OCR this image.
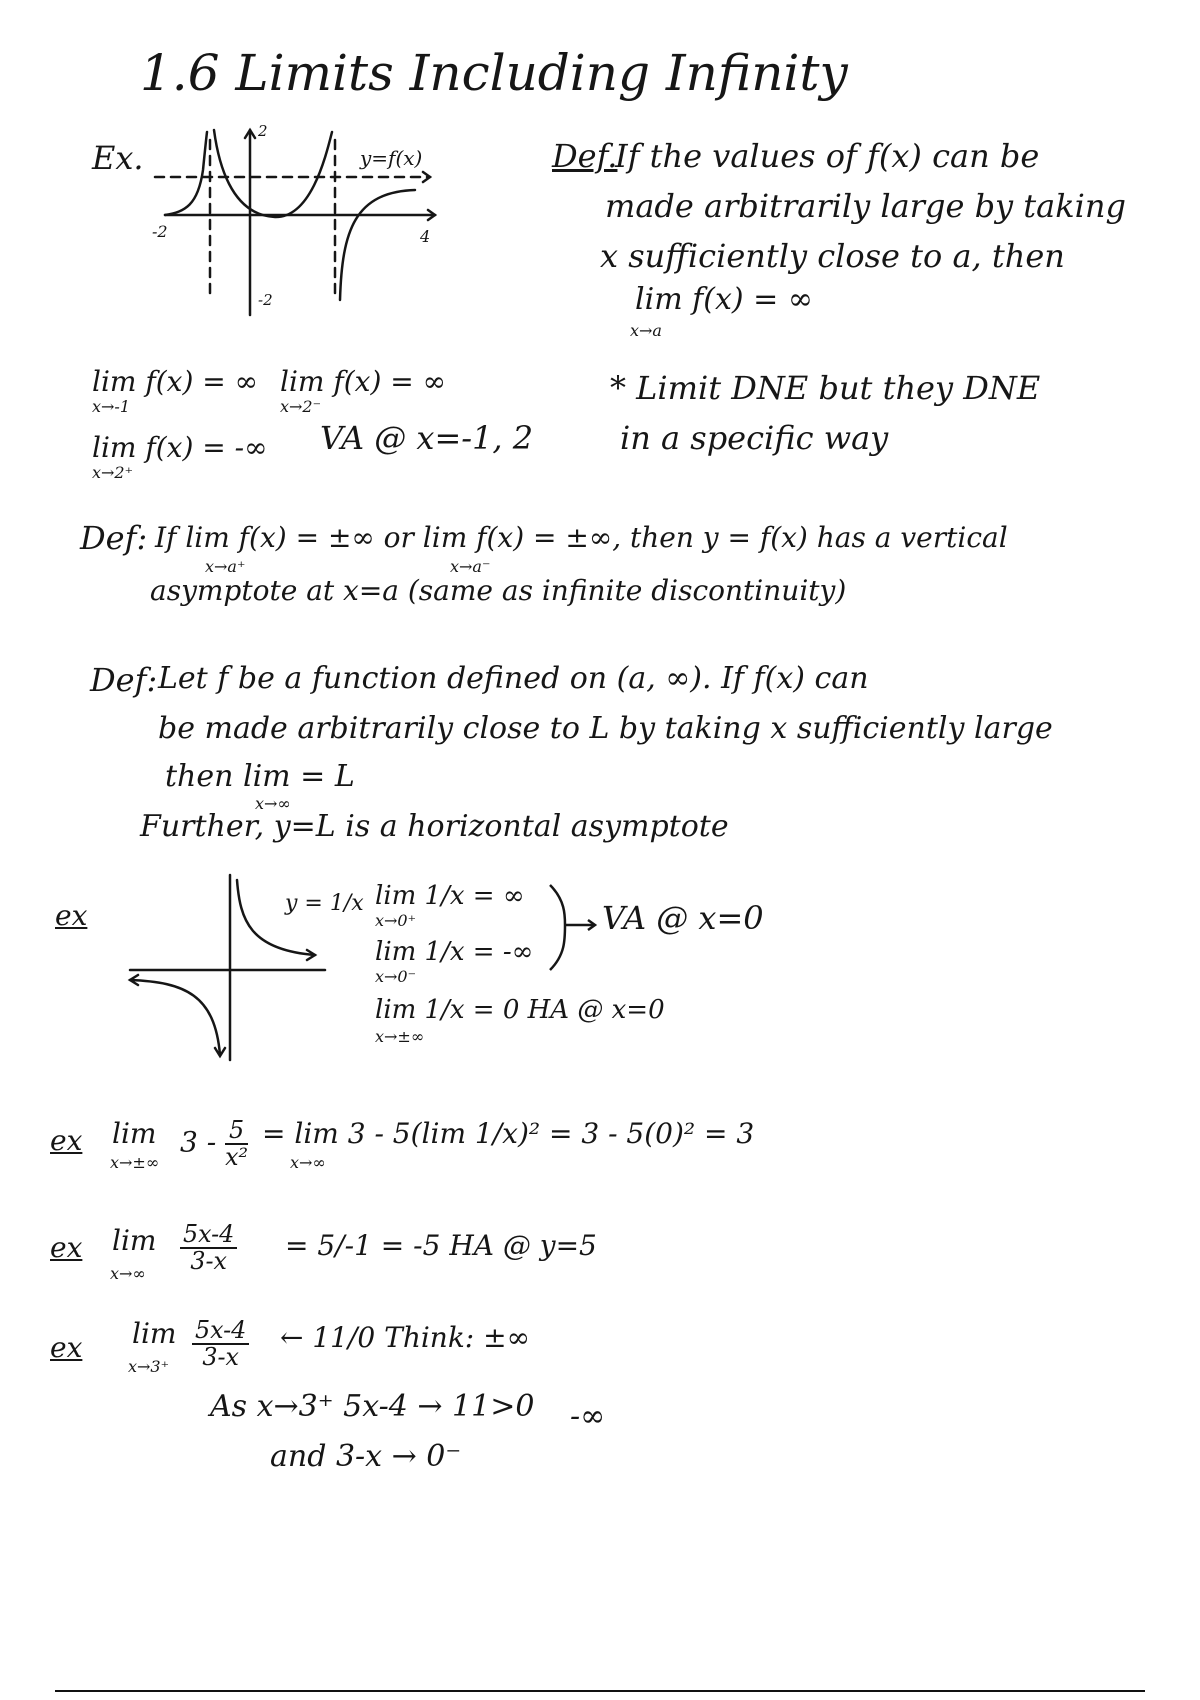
1.6 Limits Including Infinity
Ex.
-2	4
2
-2
y=f(x)	Def.
If the values of f(x) can be
made arbitrarily large by taking
x sufficiently close to a, then
lim f(x) = ∞
x→a
lim f(x) = ∞
x→-1
lim f(x) = ∞
x→2⁻
lim f(x) = -∞
x→2⁺
VA @ x=-1, 2
* Limit DNE but they DNE
in a specific way
Def: If lim f(x) = ±∞ or lim f(x) = ±∞, then y = f(x) has a vertical
x→a⁺	x→a⁻
asymptote at x=a (same as infinite discontinuity)
Def: Let f be a function defined on (a, ∞). If f(x) can
be made arbitrarily close to L by taking x sufficiently large
then lim = L
x→∞
Further, y=L is a horizontal asymptote
ex	y = 1/x lim 1/x = ∞
x→0⁺
lim 1/x = -∞
x→0⁻
VA @ x=0
lim 1/x = 0 HA @ x=0
x→±∞
ex lim
x→±∞
$3 - \frac{5}{\text{x²}} = \lim 3 - 5(\lim$ 1/x)² = 3 - 5(0)² = 3
x→∞
ex lim
$x\to\infty \frac{5x-4}{3-x} = 5/-1 = -5$ HA @ y=5
ex lim
$x\to 3^+ \frac{5x-4}{3-x}$ ← 11/0 Think: ±∞
As x→3⁺ 5x-4 → 11>0 -∞
and 3-x → 0⁻
